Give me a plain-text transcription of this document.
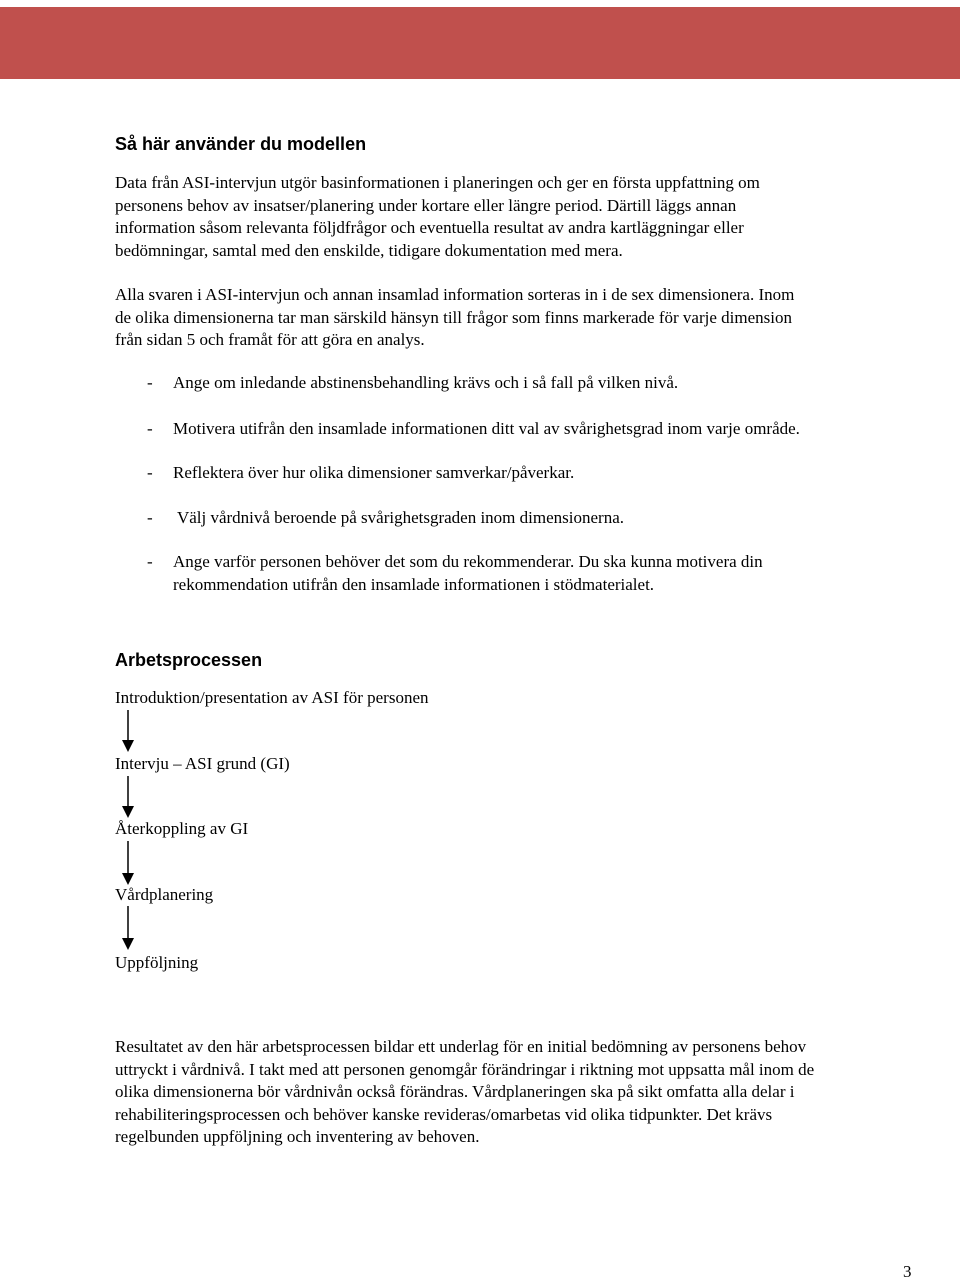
Så här använder du modellen

Data från ASI-intervjun utgör basinformationen i planeringen och ger en första uppfattning om
personens behov av insatser/planering under kortare eller längre period. Därtill läggs annan
information såsom relevanta följdfrågor och eventuella resultat av andra kartläggningar eller
bedömningar, samtal med den enskilde, tidigare dokumentation med mera.

Alla svaren i ASI-intervjun och annan insamlad information sorteras in i de sex dimensionera. Inom
de olika dimensionerna tar man särskild hänsyn till frågor som finns markerade för varje dimension
från sidan 5 och framåt för att göra en analys.

- Ange om inledande abstinensbehandling krävs och i så fall på vilken nivå.
- Motivera utifrån den insamlade informationen ditt val av svårighetsgrad inom varje område.
- Reflektera över hur olika dimensioner samverkar/påverkar.
- Välj vårdnivå beroende på svårighetsgraden inom dimensionerna.
- Ange varför personen behöver det som du rekommenderar. Du ska kunna motivera din
rekommendation utifrån den insamlade informationen i stödmaterialet.
Arbetsprocessen
Introduktion/presentation av ASI för personen
Intervju – ASI grund (GI)
Återkoppling av GI
Vårdplanering
Uppföljning

Resultatet av den här arbetsprocessen bildar ett underlag för en initial bedömning av personens behov
uttryckt i vårdnivå. I takt med att personen genomgår förändringar i riktning mot uppsatta mål inom de
olika dimensionerna bör vårdnivån också förändras. Vårdplaneringen ska på sikt omfatta alla delar i
rehabiliteringsprocessen och behöver kanske revideras/omarbetas vid olika tidpunkter. Det krävs
regelbunden uppföljning och inventering av behoven.

3
